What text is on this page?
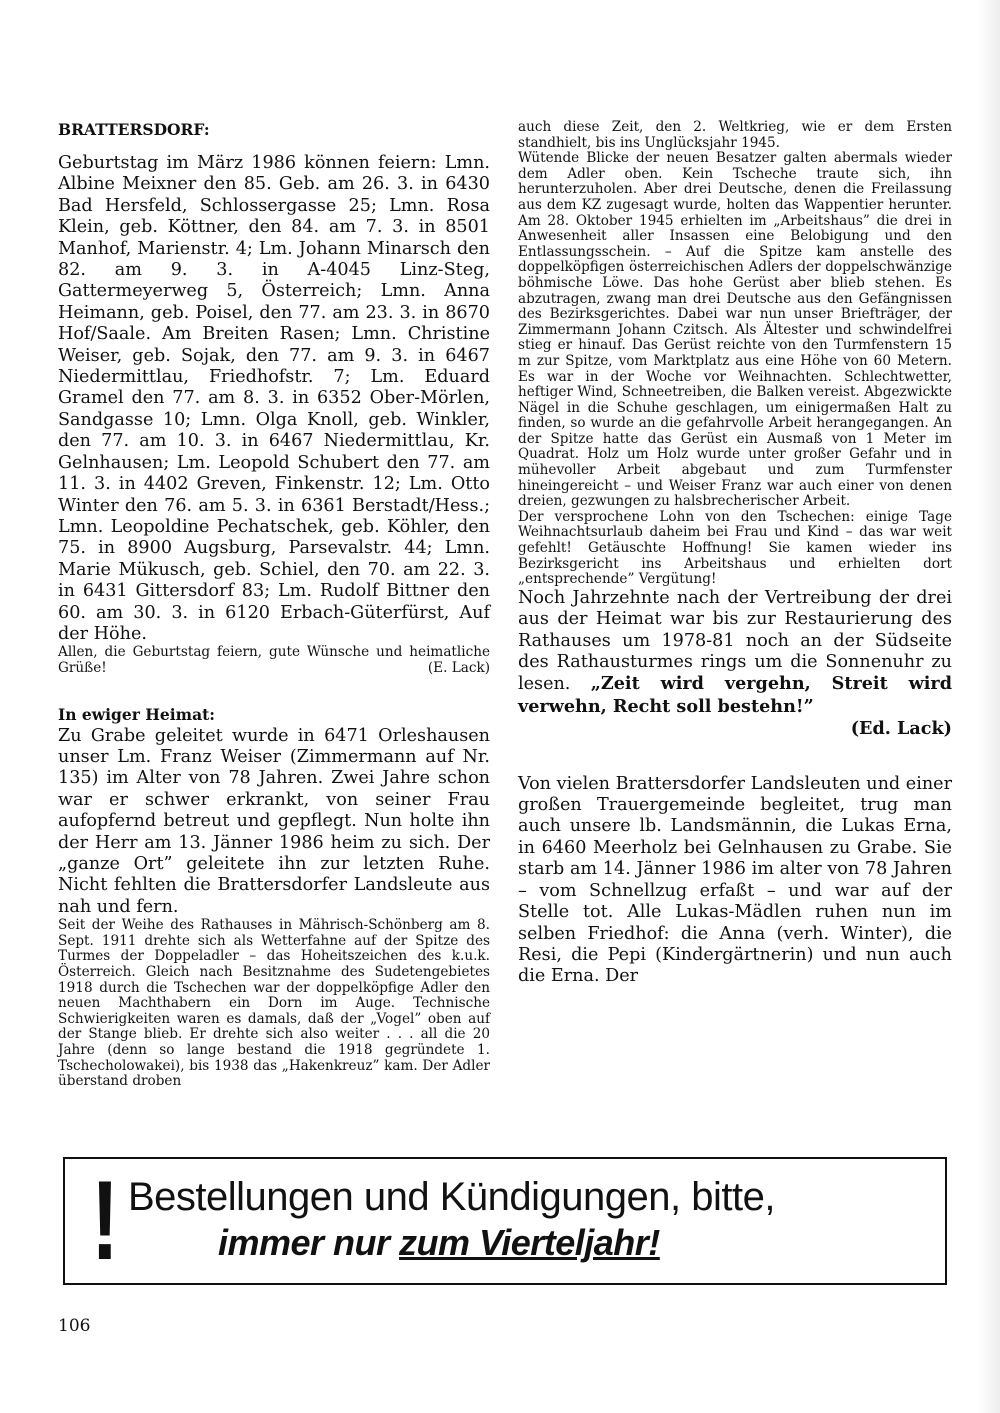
BRATTERSDORF:

Geburtstag im März 1986 können feiern: Lmn. Albine Meixner den 85. Geb. am 26. 3. in 6430 Bad Hersfeld, Schlossergasse 25; Lmn. Rosa Klein, geb. Köttner, den 84. am 7. 3. in 8501 Manhof, Marienstr. 4; Lm. Johann Minarsch den 82. am 9. 3. in A-4045 Linz-Steg, Gattermeyerweg 5, Österreich; Lmn. Anna Heimann, geb. Poisel, den 77. am 23. 3. in 8670 Hof/Saale. Am Breiten Rasen; Lmn. Christine Weiser, geb. Sojak, den 77. am 9. 3. in 6467 Niedermittlau, Friedhofstr. 7; Lm. Eduard Gramel den 77. am 8. 3. in 6352 Ober-Mörlen, Sandgasse 10; Lmn. Olga Knoll, geb. Winkler, den 77. am 10. 3. in 6467 Niedermittlau, Kr. Gelnhausen; Lm. Leopold Schubert den 77. am 11. 3. in 4402 Greven, Finkenstr. 12; Lm. Otto Winter den 76. am 5. 3. in 6361 Berstadt/Hess.; Lmn. Leopoldine Pechatschek, geb. Köhler, den 75. in 8900 Augsburg, Parsevalstr. 44; Lmn. Marie Mükusch, geb. Schiel, den 70. am 22. 3. in 6431 Gittersdorf 83; Lm. Rudolf Bittner den 60. am 30. 3. in 6120 Erbach-Güterfürst, Auf der Höhe.

Allen, die Geburtstag feiern, gute Wünsche und heimatliche Grüße!	(E. Lack)

In ewiger Heimat:

Zu Grabe geleitet wurde in 6471 Orleshausen unser Lm. Franz Weiser (Zimmermann auf Nr. 135) im Alter von 78 Jahren. Zwei Jahre schon war er schwer erkrankt, von seiner Frau aufopfernd betreut und gepflegt. Nun holte ihn der Herr am 13. Jänner 1986 heim zu sich. Der „ganze Ort” geleitete ihn zur letzten Ruhe. Nicht fehlten die Brattersdorfer Landsleute aus nah und fern.

Seit der Weihe des Rathauses in Mährisch-Schönberg am 8. Sept. 1911 drehte sich als Wetterfahne auf der Spitze des Turmes der Doppeladler – das Hoheitszeichen des k.u.k. Österreich. Gleich nach Besitznahme des Sudetengebietes 1918 durch die Tschechen war der doppelköpfige Adler den neuen Machthabern ein Dorn im Auge. Technische Schwierigkeiten waren es damals, daß der „Vogel” oben auf der Stange blieb. Er drehte sich also weiter . . . all die 20 Jahre (denn so lange bestand die 1918 gegründete 1. Tschecholowakei), bis 1938 das „Hakenkreuz” kam. Der Adler überstand droben

auch diese Zeit, den 2. Weltkrieg, wie er dem Ersten standhielt, bis ins Unglücksjahr 1945.

Wütende Blicke der neuen Besatzer galten abermals wieder dem Adler oben. Kein Tscheche traute sich, ihn herunterzuholen. Aber drei Deutsche, denen die Freilassung aus dem KZ zugesagt wurde, holten das Wappentier herunter. Am 28. Oktober 1945 erhielten im „Arbeitshaus” die drei in Anwesenheit aller Insassen eine Belobigung und den Entlassungsschein. – Auf die Spitze kam anstelle des doppelköpfigen österreichischen Adlers der doppelschwänzige böhmische Löwe. Das hohe Gerüst aber blieb stehen. Es abzutragen, zwang man drei Deutsche aus den Gefängnissen des Bezirksgerichtes. Dabei war nun unser Briefträger, der Zimmermann Johann Czitsch. Als Ältester und schwindelfrei stieg er hinauf. Das Gerüst reichte von den Turmfenstern 15 m zur Spitze, vom Marktplatz aus eine Höhe von 60 Metern. Es war in der Woche vor Weihnachten. Schlechtwetter, heftiger Wind, Schneetreiben, die Balken vereist. Abgezwickte Nägel in die Schuhe geschlagen, um einigermaßen Halt zu finden, so wurde an die gefahrvolle Arbeit herangegangen. An der Spitze hatte das Gerüst ein Ausmaß von 1 Meter im Quadrat. Holz um Holz wurde unter großer Gefahr und in mühevoller Arbeit abgebaut und zum Turmfenster hineingereicht – und Weiser Franz war auch einer von denen dreien, gezwungen zu halsbrecherischer Arbeit.

Der versprochene Lohn von den Tschechen: einige Tage Weihnachtsurlaub daheim bei Frau und Kind – das war weit gefehlt! Getäuschte Hoffnung! Sie kamen wieder ins Bezirksgericht ins Arbeitshaus und erhielten dort „entsprechende” Vergütung!

Noch Jahrzehnte nach der Vertreibung der drei aus der Heimat war bis zur Restaurierung des Rathauses um 1978-81 noch an der Südseite des Rathausturmes rings um die Sonnenuhr zu lesen. „Zeit wird vergehn, Streit wird verwehn, Recht soll bestehn!”

(Ed. Lack)

Von vielen Brattersdorfer Landsleuten und einer großen Trauergemeinde begleitet, trug man auch unsere lb. Landsmännin, die Lukas Erna, in 6460 Meerholz bei Gelnhausen zu Grabe. Sie starb am 14. Jänner 1986 im alter von 78 Jahren – vom Schnellzug erfaßt – und war auf der Stelle tot. Alle Lukas-Mädlen ruhen nun im selben Friedhof: die Anna (verh. Winter), die Resi, die Pepi (Kindergärtnerin) und nun auch die Erna. Der

! Bestellungen und Kündigungen, bitte,
immer nur zum Vierteljahr!
106
